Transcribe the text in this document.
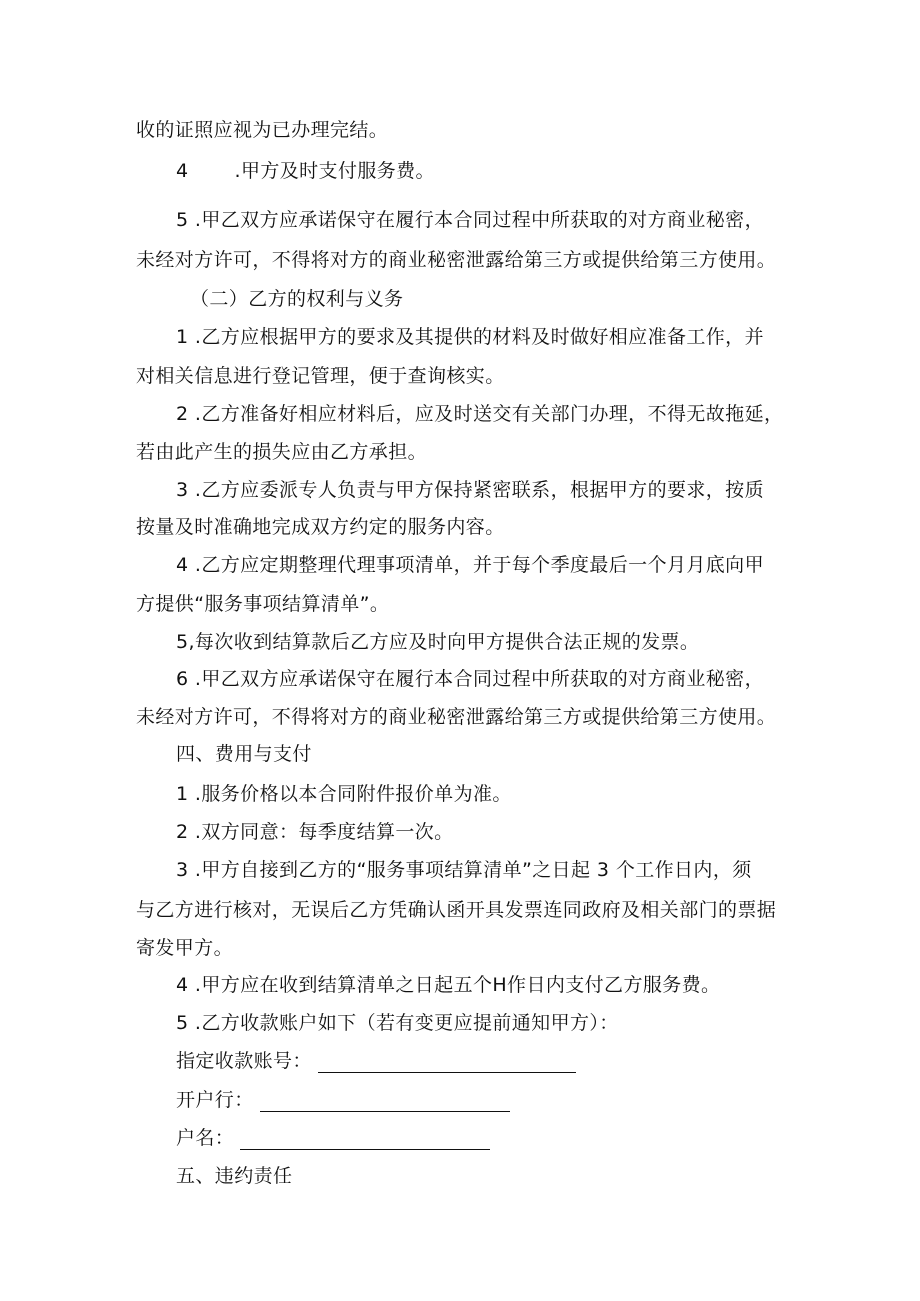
收的证照应视为已办理完结。
4 .甲方及时支付服务费。
5 .甲乙双方应承诺保守在履行本合同过程中所获取的对方商业秘密，
未经对方许可，不得将对方的商业秘密泄露给第三方或提供给第三方使用。
（二）乙方的权利与义务
1 .乙方应根据甲方的要求及其提供的材料及时做好相应准备工作，并
对相关信息进行登记管理，便于查询核实。
2 .乙方准备好相应材料后，应及时送交有关部门办理，不得无故拖延，
若由此产生的损失应由乙方承担。
3 .乙方应委派专人负责与甲方保持紧密联系，根据甲方的要求，按质
按量及时准确地完成双方约定的服务内容。
4 .乙方应定期整理代理事项清单，并于每个季度最后一个月月底向甲
方提供“服务事项结算清单”。
5,每次收到结算款后乙方应及时向甲方提供合法正规的发票。
6 .甲乙双方应承诺保守在履行本合同过程中所获取的对方商业秘密，
未经对方许可，不得将对方的商业秘密泄露给第三方或提供给第三方使用。
四、费用与支付
1 .服务价格以本合同附件报价单为准。
2 .双方同意：每季度结算一次。
3 .甲方自接到乙方的“服务事项结算清单”之日起 3 个工作日内，须
与乙方进行核对，无误后乙方凭确认函开具发票连同政府及相关部门的票据
寄发甲方。
4 .甲方应在收到结算清单之日起五个H作日内支付乙方服务费。
5 .乙方收款账户如下（若有变更应提前通知甲方）：
指定收款账号：
开户行：
户名：
五、违约责任
